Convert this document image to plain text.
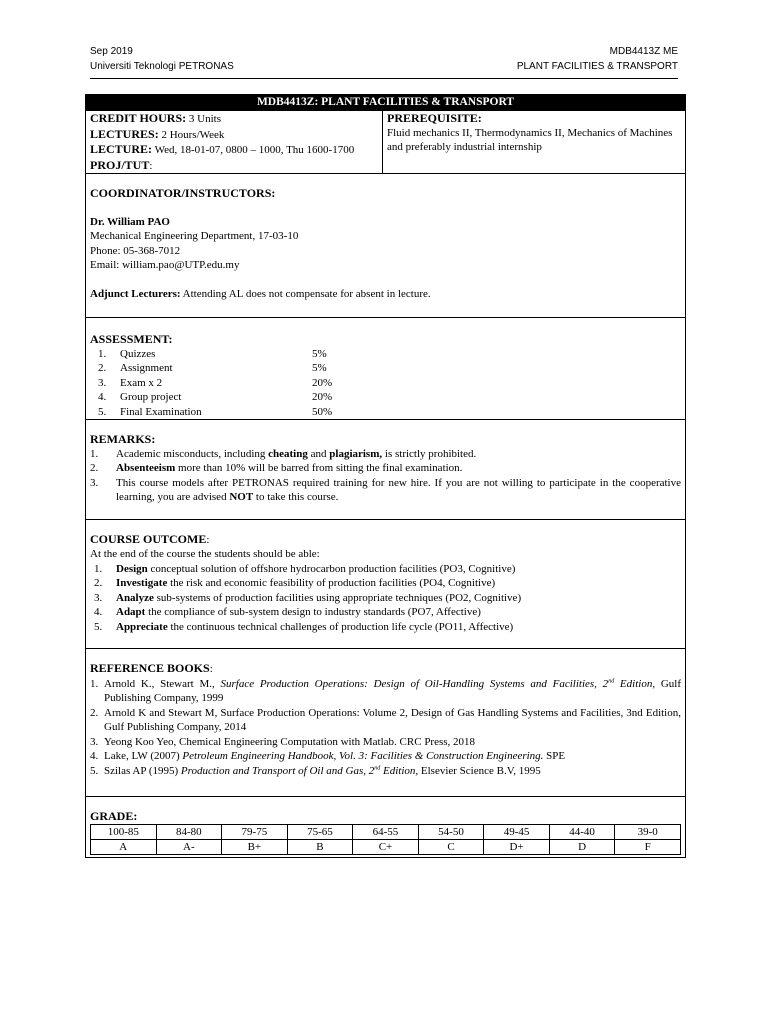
Sep 2019	MDB4413Z ME
Universiti Teknologi PETRONAS	PLANT FACILITIES & TRANSPORT
MDB4413Z: PLANT FACILITIES & TRANSPORT
CREDIT HOURS: 3 Units
LECTURES: 2 Hours/Week
LECTURE: Wed, 18-01-07, 0800 – 1000, Thu 1600-1700
PROJ/TUT:
PREREQUISITE:
Fluid mechanics II, Thermodynamics II, Mechanics of Machines and preferably industrial internship
COORDINATOR/INSTRUCTORS:
Dr. William PAO
Mechanical Engineering Department, 17-03-10
Phone: 05-368-7012
Email: william.pao@UTP.edu.my
Adjunct Lecturers: Attending AL does not compensate for absent in lecture.
ASSESSMENT:
1.	Quizzes	5%
2.	Assignment	5%
3.	Exam x 2	20%
4.	Group project	20%
5.	Final Examination	50%
REMARKS:
1.	Academic misconducts, including cheating and plagiarism, is strictly prohibited.
2.	Absenteeism more than 10% will be barred from sitting the final examination.
3.	This course models after PETRONAS required training for new hire. If you are not willing to participate in the cooperative learning, you are advised NOT to take this course.
COURSE OUTCOME:
At the end of the course the students should be able:
1.	Design conceptual solution of offshore hydrocarbon production facilities (PO3, Cognitive)
2.	Investigate the risk and economic feasibility of production facilities (PO4, Cognitive)
3.	Analyze sub-systems of production facilities using appropriate techniques (PO2, Cognitive)
4.	Adapt the compliance of sub-system design to industry standards (PO7, Affective)
5.	Appreciate the continuous technical challenges of production life cycle (PO11, Affective)
REFERENCE BOOKS:
1. Arnold K., Stewart M., Surface Production Operations: Design of Oil-Handling Systems and Facilities, 2nd Edition, Gulf Publishing Company, 1999
2. Arnold K and Stewart M, Surface Production Operations: Volume 2, Design of Gas Handling Systems and Facilities, 3nd Edition, Gulf Publishing Company, 2014
3. Yeong Koo Yeo, Chemical Engineering Computation with Matlab. CRC Press, 2018
4. Lake, LW (2007) Petroleum Engineering Handbook, Vol. 3: Facilities & Construction Engineering. SPE
5. Szilas AP (1995) Production and Transport of Oil and Gas, 2nd Edition, Elsevier Science B.V, 1995
GRADE:
100-85	84-80	79-75	75-65	64-55	54-50	49-45	44-40	39-0
A	A-	B+	B	C+	C	D+	D	F
